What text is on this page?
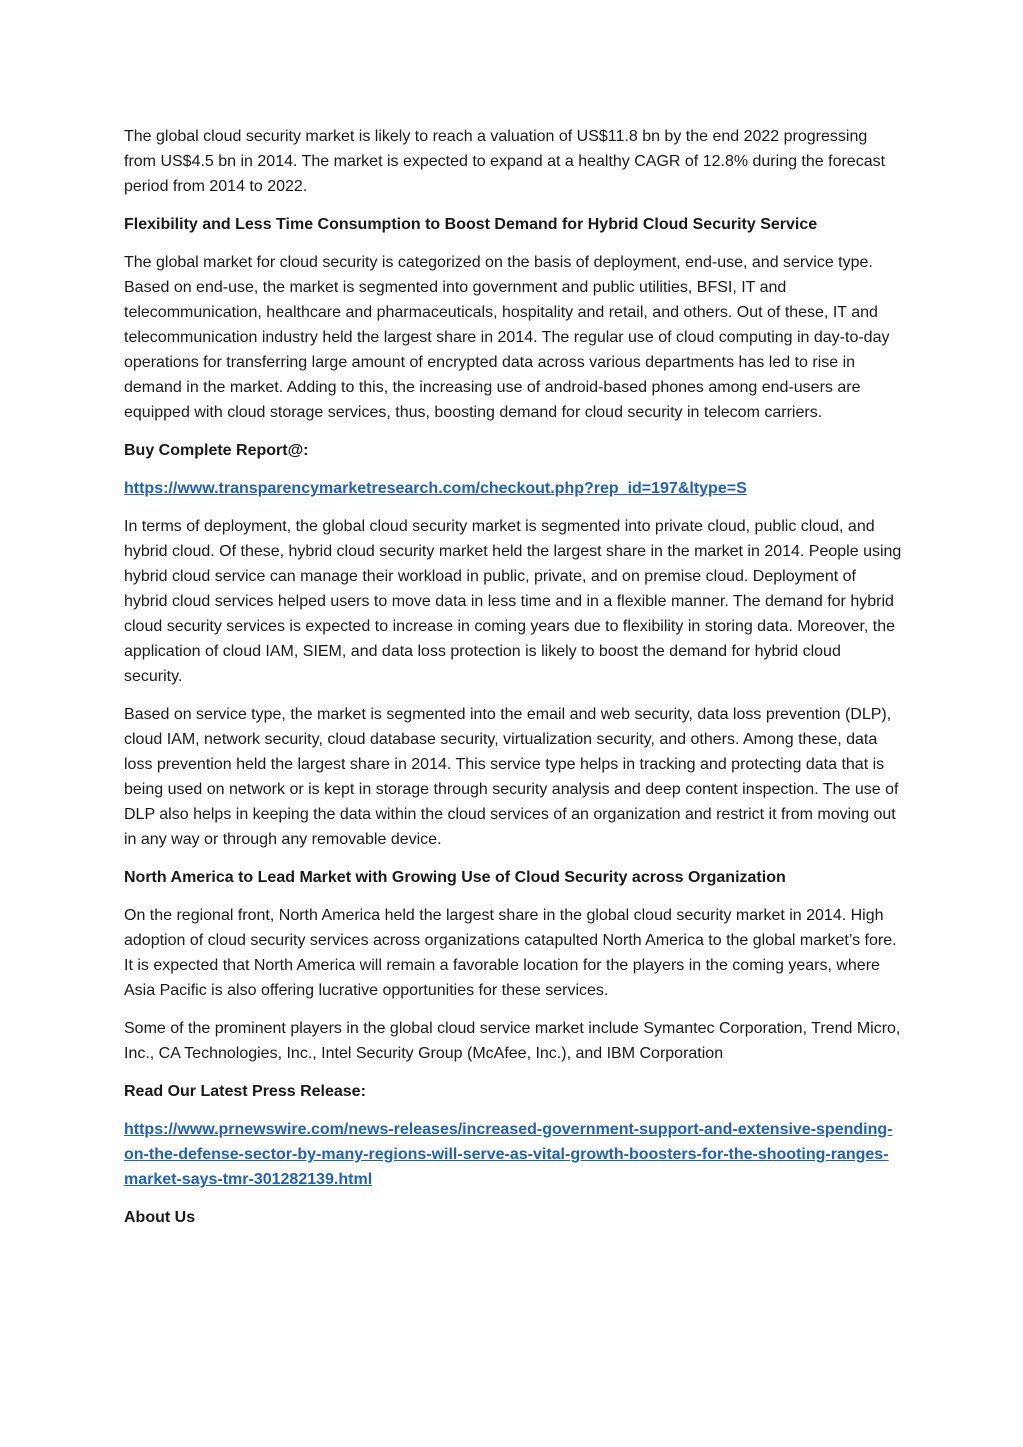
The global cloud security market is likely to reach a valuation of US$11.8 bn by the end 2022 progressing from US$4.5 bn in 2014. The market is expected to expand at a healthy CAGR of 12.8% during the forecast period from 2014 to 2022.

Flexibility and Less Time Consumption to Boost Demand for Hybrid Cloud Security Service

The global market for cloud security is categorized on the basis of deployment, end-use, and service type. Based on end-use, the market is segmented into government and public utilities, BFSI, IT and telecommunication, healthcare and pharmaceuticals, hospitality and retail, and others. Out of these, IT and telecommunication industry held the largest share in 2014. The regular use of cloud computing in day-to-day operations for transferring large amount of encrypted data across various departments has led to rise in demand in the market. Adding to this, the increasing use of android-based phones among end-users are equipped with cloud storage services, thus, boosting demand for cloud security in telecom carriers.

Buy Complete Report@:

https://www.transparencymarketresearch.com/checkout.php?rep_id=197&ltype=S

In terms of deployment, the global cloud security market is segmented into private cloud, public cloud, and hybrid cloud. Of these, hybrid cloud security market held the largest share in the market in 2014. People using hybrid cloud service can manage their workload in public, private, and on premise cloud. Deployment of hybrid cloud services helped users to move data in less time and in a flexible manner. The demand for hybrid cloud security services is expected to increase in coming years due to flexibility in storing data. Moreover, the application of cloud IAM, SIEM, and data loss protection is likely to boost the demand for hybrid cloud security.

Based on service type, the market is segmented into the email and web security, data loss prevention (DLP), cloud IAM, network security, cloud database security, virtualization security, and others. Among these, data loss prevention held the largest share in 2014. This service type helps in tracking and protecting data that is being used on network or is kept in storage through security analysis and deep content inspection. The use of DLP also helps in keeping the data within the cloud services of an organization and restrict it from moving out in any way or through any removable device.

North America to Lead Market with Growing Use of Cloud Security across Organization

On the regional front, North America held the largest share in the global cloud security market in 2014. High adoption of cloud security services across organizations catapulted North America to the global market’s fore. It is expected that North America will remain a favorable location for the players in the coming years, where Asia Pacific is also offering lucrative opportunities for these services.

Some of the prominent players in the global cloud service market include Symantec Corporation, Trend Micro, Inc., CA Technologies, Inc., Intel Security Group (McAfee, Inc.), and IBM Corporation

Read Our Latest Press Release:

https://www.prnewswire.com/news-releases/increased-government-support-and-extensive-spending-on-the-defense-sector-by-many-regions-will-serve-as-vital-growth-boosters-for-the-shooting-ranges-market-says-tmr-301282139.html

About Us
